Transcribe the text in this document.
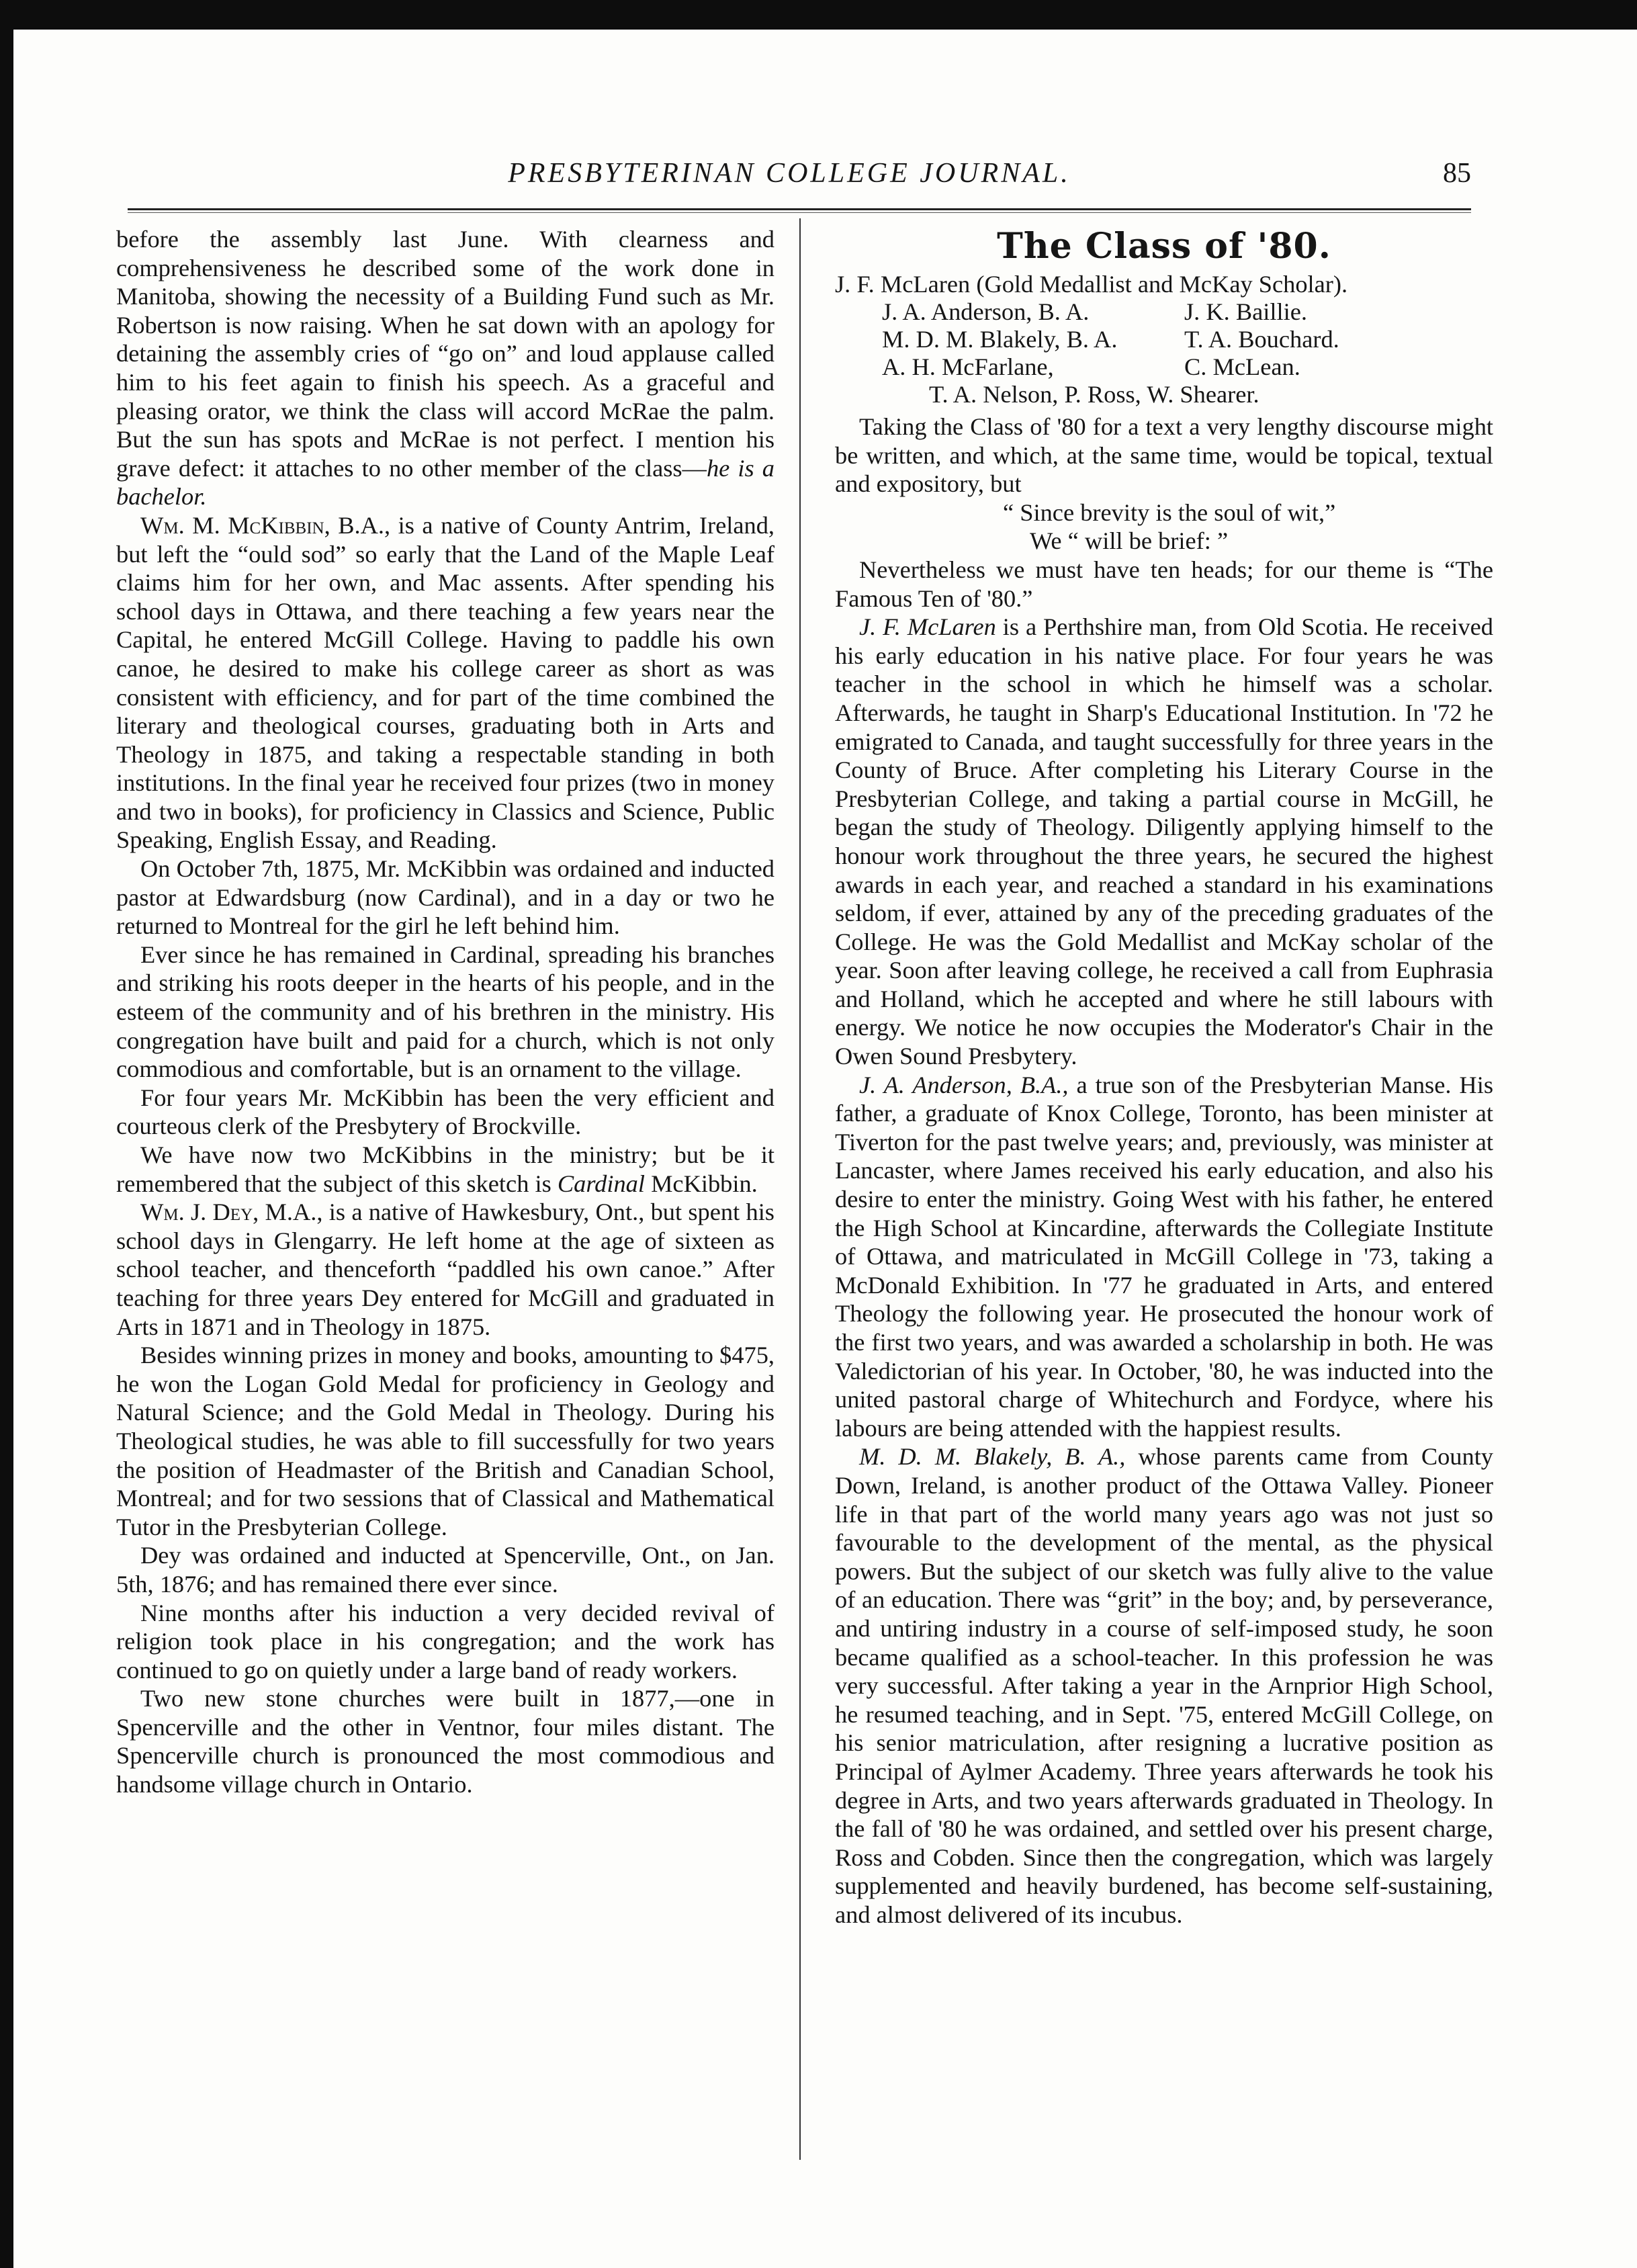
PRESBYTERINAN COLLEGE JOURNAL.	85

before the assembly last June. With clearness and comprehensiveness he described some of the work done in Manitoba, showing the necessity of a Building Fund such as Mr. Robertson is now raising. When he sat down with an apology for detaining the assembly cries of “go on” and loud applause called him to his feet again to finish his speech. As a graceful and pleasing orator, we think the class will accord McRae the palm. But the sun has spots and McRae is not perfect. I mention his grave defect: it attaches to no other member of the class—he is a bachelor.

Wm. M. McKibbin, B.A., is a native of County Antrim, Ireland, but left the “ould sod” so early that the Land of the Maple Leaf claims him for her own, and Mac assents. After spending his school days in Ottawa, and there teaching a few years near the Capital, he entered McGill College. Having to paddle his own canoe, he desired to make his college career as short as was consistent with efficiency, and for part of the time combined the literary and theological courses, graduating both in Arts and Theology in 1875, and taking a respectable standing in both institutions. In the final year he received four prizes (two in money and two in books), for proficiency in Classics and Science, Public Speaking, English Essay, and Reading.

On October 7th, 1875, Mr. McKibbin was ordained and inducted pastor at Edwardsburg (now Cardinal), and in a day or two he returned to Montreal for the girl he left behind him.

Ever since he has remained in Cardinal, spreading his branches and striking his roots deeper in the hearts of his people, and in the esteem of the community and of his brethren in the ministry. His congregation have built and paid for a church, which is not only commodious and comfortable, but is an ornament to the village.

For four years Mr. McKibbin has been the very efficient and courteous clerk of the Presbytery of Brockville.

We have now two McKibbins in the ministry; but be it remembered that the subject of this sketch is Cardinal McKibbin.

Wm. J. Dey, M.A., is a native of Hawkesbury, Ont., but spent his school days in Glengarry. He left home at the age of sixteen as school teacher, and thenceforth “paddled his own canoe.” After teaching for three years Dey entered for McGill and graduated in Arts in 1871 and in Theology in 1875.

Besides winning prizes in money and books, amounting to $475, he won the Logan Gold Medal for proficiency in Geology and Natural Science; and the Gold Medal in Theology. During his Theological studies, he was able to fill successfully for two years the position of Headmaster of the British and Canadian School, Montreal; and for two sessions that of Classical and Mathematical Tutor in the Presbyterian College.

Dey was ordained and inducted at Spencerville, Ont., on Jan. 5th, 1876; and has remained there ever since.

Nine months after his induction a very decided revival of religion took place in his congregation; and the work has continued to go on quietly under a large band of ready workers.

Two new stone churches were built in 1877,—one in Spencerville and the other in Ventnor, four miles distant. The Spencerville church is pronounced the most commodious and handsome village church in Ontario.

The Class of '80.
J. F. McLaren (Gold Medallist and McKay Scholar).
J. A. Anderson, B. A.	J. K. Baillie.
M. D. M. Blakely, B. A.	T. A. Bouchard.
A. H. McFarlane,	C. McLean.
T. A. Nelson, P. Ross, W. Shearer.

Taking the Class of '80 for a text a very lengthy discourse might be written, and which, at the same time, would be topical, textual and expository, but

“ Since brevity is the soul of wit,”

We “ will be brief: ”

Nevertheless we must have ten heads; for our theme is “The Famous Ten of '80.”

J. F. McLaren is a Perthshire man, from Old Scotia. He received his early education in his native place. For four years he was teacher in the school in which he himself was a scholar. Afterwards, he taught in Sharp's Educational Institution. In '72 he emigrated to Canada, and taught successfully for three years in the County of Bruce. After completing his Literary Course in the Presbyterian College, and taking a partial course in McGill, he began the study of Theology. Diligently applying himself to the honour work throughout the three years, he secured the highest awards in each year, and reached a standard in his examinations seldom, if ever, attained by any of the preceding graduates of the College. He was the Gold Medallist and McKay scholar of the year. Soon after leaving college, he received a call from Euphrasia and Holland, which he accepted and where he still labours with energy. We notice he now occupies the Moderator's Chair in the Owen Sound Presbytery.

J. A. Anderson, B.A., a true son of the Presbyterian Manse. His father, a graduate of Knox College, Toronto, has been minister at Tiverton for the past twelve years; and, previously, was minister at Lancaster, where James received his early education, and also his desire to enter the ministry. Going West with his father, he entered the High School at Kincardine, afterwards the Collegiate Institute of Ottawa, and matriculated in McGill College in '73, taking a McDonald Exhibition. In '77 he graduated in Arts, and entered Theology the following year. He prosecuted the honour work of the first two years, and was awarded a scholarship in both. He was Valedictorian of his year. In October, '80, he was inducted into the united pastoral charge of Whitechurch and Fordyce, where his labours are being attended with the happiest results.

M. D. M. Blakely, B. A., whose parents came from County Down, Ireland, is another product of the Ottawa Valley. Pioneer life in that part of the world many years ago was not just so favourable to the development of the mental, as the physical powers. But the subject of our sketch was fully alive to the value of an education. There was “grit” in the boy; and, by perseverance, and untiring industry in a course of self-imposed study, he soon became qualified as a school-teacher. In this profession he was very successful. After taking a year in the Arnprior High School, he resumed teaching, and in Sept. '75, entered McGill College, on his senior matriculation, after resigning a lucrative position as Principal of Aylmer Academy. Three years afterwards he took his degree in Arts, and two years afterwards graduated in Theology. In the fall of '80 he was ordained, and settled over his present charge, Ross and Cobden. Since then the congregation, which was largely supplemented and heavily burdened, has become self-sustaining, and almost delivered of its incubus.
